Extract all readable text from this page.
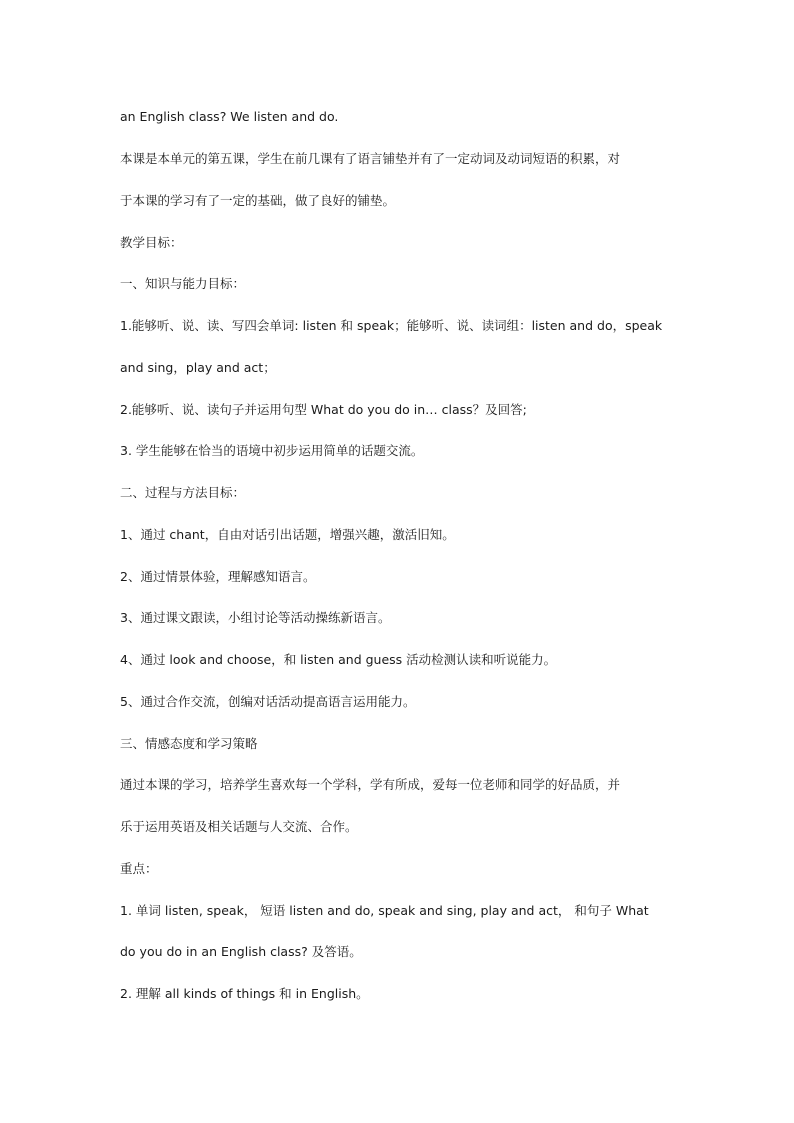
an English class? We listen and do.
本课是本单元的第五课，学生在前几课有了语言铺垫并有了一定动词及动词短语的积累，对
于本课的学习有了一定的基础，做了良好的铺垫。
教学目标：
一、知识与能力目标：
1.能够听、说、读、写四会单词: listen 和 speak；能够听、说、读词组：listen and do，speak
and sing，play and act；
2.能够听、说、读句子并运用句型 What do you do in… class？及回答;
3. 学生能够在恰当的语境中初步运用简单的话题交流。
二、过程与方法目标：
1、通过 chant，自由对话引出话题，增强兴趣，激活旧知。
2、通过情景体验，理解感知语言。
3、通过课文跟读，小组讨论等活动操练新语言。
4、通过 look and choose，和 listen and guess 活动检测认读和听说能力。
5、通过合作交流，创编对话活动提高语言运用能力。
三、情感态度和学习策略
通过本课的学习，培养学生喜欢每一个学科，学有所成，爱每一位老师和同学的好品质，并
乐于运用英语及相关话题与人交流、合作。
重点：
1. 单词 listen, speak， 短语 listen and do, speak and sing, play and act， 和句子 What
do you do in an English class? 及答语。
2. 理解 all kinds of things 和 in English。
